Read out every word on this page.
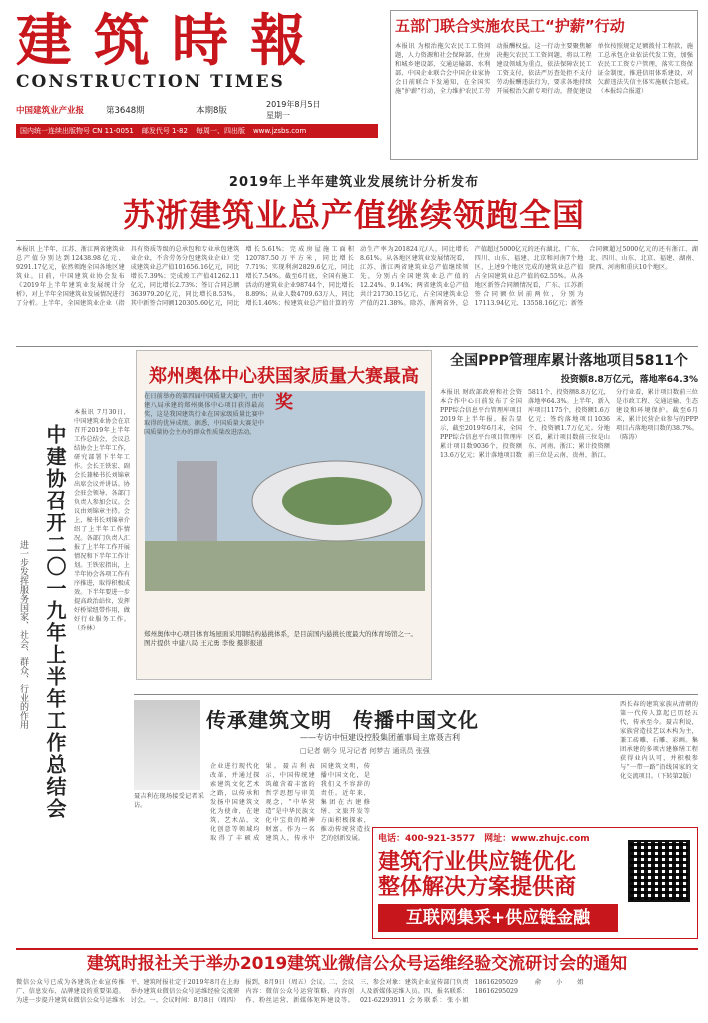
建筑時報
CONSTRUCTION TIMES
中国建筑业产业报	第3648期	本期8版
2019年8月5日 星期一
国内统一连续出版物号 CN 11-0051 邮发代号 1-82 每周一、四出版 www.jzsbs.com
五部门联合实施农民工“护薪”行动
本报讯 为根治拖欠农民工工资问题，人力资源和社会保障部、住房和城乡建设部、交通运输部、水利部、中国企业联合会中国企业家协会日前联合下发通知，在全国实施“护薪”行动，全力维护农民工劳动报酬权益。这一行动主要聚焦解决拖欠农民工工资问题，将以工程建设领域为重点，依法保障农民工工资支付，依法严厉查处拒不支付劳动报酬违法行为，要求各地持续开展根治欠薪专项行动，督促建设单位按照规定足额拨付工程款，施工总承包企业依法代发工资，加强农民工工资专户管理，落实工资保证金制度，推进信用体系建设，对欠薪违法失信主体实施联合惩戒。（本报综合报道）
2019年上半年建筑业发展统计分析发布
苏浙建筑业总产值继续领跑全国
本报讯 上半年，江苏、浙江两省建筑业总产值分别达到12438.98亿元、9291.17亿元，依然领跑全国各地区建筑业。日前，中国建筑业协会发布《2019年上半年建筑业发展统计分析》，对上半年全国建筑业发展情况进行了分析。上半年，全国建筑业企业（指具有资质等级的总承包和专业承包建筑业企业，不含劳务分包建筑业企业）完成建筑业总产值101656.16亿元，同比增长7.39%；完成竣工产值41262.11亿元，同比增长2.73%；签订合同总额363979.20亿元，同比增长8.53%，其中新签合同额120305.60亿元，同比增长5.61%；完成房屋施工面积120787.50万平方米，同比增长7.71%；实现利润2829.6亿元，同比增长7.54%。截至6月底，全国有施工活动的建筑业企业98744个，同比增长8.89%；从业人数4709.63万人，同比增长1.46%；按建筑业总产值计算的劳动生产率为201824元/人，同比增长8.61%。从各地区建筑业发展情况看，江苏、浙江两省建筑业总产值继续领先，分别占全国建筑业总产值的12.24%、9.14%；两省建筑业总产值共计21730.15亿元，占全国建筑业总产值的21.38%。除苏、浙两省外，总产值超过5000亿元的还有湖北、广东、四川、山东、福建、北京和河南7个地区，上述9个地区完成的建筑业总产值占全国建筑业总产值的62.55%。从各地区新签合同额情况看，广东、江苏新签合同额位居前两位，分别为17113.94亿元、13558.16亿元；新签合同额超过5000亿元的还有浙江、湖北、四川、山东、北京、福建、湖南、陕西、河南和重庆10个地区。
中建协召开二〇一九年上半年工作总结会
进一步发挥服务国家、社会、群众、行业的作用
本报讯 7月30日，中国建筑业协会在京召开2019年上半年工作总结会，会议总结协会上半年工作，研究部署下半年工作。会长王铁宏、副会长兼秘书长刘锦章出席会议并讲话。协会驻会领导、各部门负责人参加会议。会议由刘锦章主持。会上，秘书长刘锦章介绍了上半年工作情况。各部门负责人汇报了上半年工作开展情况和下半年工作计划。王铁宏指出，上半年协会各项工作有序推进，取得积极成效。下半年要进一步提高政治站位，发挥好桥梁纽带作用，做好行业服务工作。（乔林）
郑州奥体中心获国家质量大赛最高奖
在日前举办的第四届中国质量大赛中，由中建八局承建的郑州奥体中心项目获得最高奖，这是我国建筑行业在国家级质量比赛中取得的优异成绩。据悉，中国质量大赛是中国质量协会主办的群众性质量改进活动。
郑州奥体中心项目体育场屋面采用钢结构悬挑体系，是目前国内悬挑长度最大的体育场馆之一。 图片提供 中建八局 王元勇 李俊 摄影报道
全国PPP管理库累计落地项目5811个
投资额8.8万亿元，落地率64.3%
本报讯 财政部政府和社会资本合作中心日前发布了全国PPP综合信息平台管理库项目2019年上半年报。报告显示，截至2019年6月末，全国PPP综合信息平台项目管理库累计项目数9036个，投资额13.6万亿元；累计落地项目数5811个、投资额8.8万亿元，落地率64.3%。上半年，新入库项目1175个，投资额1.6万亿元；签约落地项目1036个、投资额1.7万亿元。分地区看，累计项目数前三位是山东、河南、浙江；累计投资额前三位是云南、贵州、浙江。分行业看，累计项目数前三位是市政工程、交通运输、生态建设和环境保护。截至6月末，累计民营企业参与的PPP项目占落地项目数的38.7%。（陈涛）
传承建筑文明　传播中国文化
——专访中恒建设控股集团董事局主席聂吉利
□记者 朝今 见习记者 何梦吉 通讯员 张强
聂吉利在现场接受记者采访。
企业进行现代化改革，并通过探索建筑文化艺术之路，以传承和发扬中国建筑文化为使命，在建筑、艺术品、文化创意等领域均取得了丰硕成果。聂吉利表示，中国传统建筑蕴含着丰富的哲学思想与审美观念，“中华营造”是中华民族文化中宝贵的精神财富。作为一名建筑人，传承中国建筑文明，传播中国文化，是我们义不容辞的责任。近年来，集团在古建修缮、文旅开发等方面积极探索，推动传统营造技艺的创新发展。
西长春的建筑家族从清朝的第一代传人算起已历经五代，传承至今。聂吉利说，家族营造技艺以木构为主，兼工砖雕、石雕、彩画。集团承建的多项古建修缮工程获得业内认可，并积极参与“一带一路”沿线国家的文化交流项目。（下转第2版）
电话：400-921-3577　网址：www.zhujc.com
建筑行业供应链优化
整体解决方案提供商
互联网集采+供应链金融
建筑时报社关于举办2019建筑业微信公众号运维经验交流研讨会的通知
微信公众号已成为各建筑企业宣传推广、信息发布、品牌建设的重要渠道。为进一步提升建筑业微信公众号运维水平，建筑时报社定于2019年8月在上海举办建筑业微信公众号运维经验交流研讨会。一、会议时间：8月8日（周四）报到，8月9日（周五）会议。二、会议内容：微信公众号运营策略、内容创作、粉丝运营、新媒体矩阵建设等。三、参会对象：建筑企业宣传部门负责人及新媒体运维人员。四、报名联系：021-62293911 会务联系：张小姐 18616295029 俞小姐 18616295029
